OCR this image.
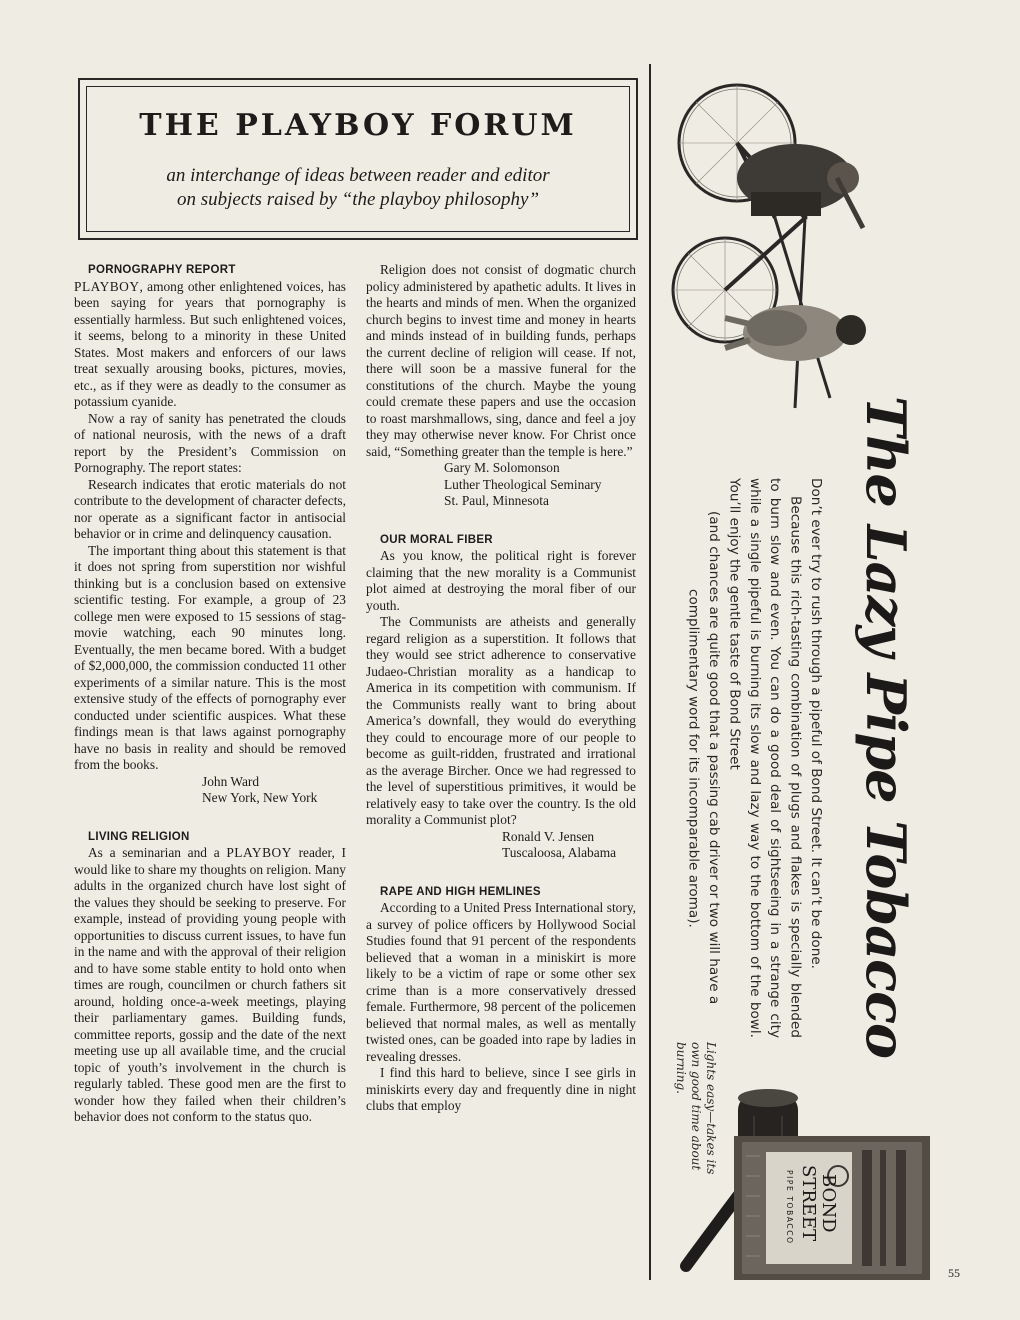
THE PLAYBOY FORUM
an interchange of ideas between reader and editor
on subjects raised by “the playboy philosophy”

PORNOGRAPHY REPORT

PLAYBOY, among other enlightened voices, has been saying for years that pornography is essentially harmless. But such enlightened voices, it seems, belong to a minority in these United States. Most makers and enforcers of our laws treat sexually arousing books, pictures, movies, etc., as if they were as deadly to the consumer as potassium cyanide.

Now a ray of sanity has penetrated the clouds of national neurosis, with the news of a draft report by the President’s Commission on Pornography. The report states:

Research indicates that erotic materials do not contribute to the development of character defects, nor operate as a significant factor in antisocial behavior or in crime and delinquency causation.

The important thing about this statement is that it does not spring from superstition nor wishful thinking but is a conclusion based on extensive scientific testing. For example, a group of 23 college men were exposed to 15 sessions of stag-movie watching, each 90 minutes long. Eventually, the men became bored. With a budget of $2,000,000, the commission conducted 11 other experiments of a similar nature. This is the most extensive study of the effects of pornography ever conducted under scientific auspices. What these findings mean is that laws against pornography have no basis in reality and should be removed from the books.

John Ward
New York, New York

LIVING RELIGION

As a seminarian and a PLAYBOY reader, I would like to share my thoughts on religion. Many adults in the organized church have lost sight of the values they should be seeking to preserve. For example, instead of providing young people with opportunities to discuss current issues, to have fun in the name and with the approval of their religion and to have some stable entity to hold onto when times are rough, councilmen or church fathers sit around, holding once-a-week meetings, playing their parliamentary games. Building funds, committee reports, gossip and the date of the next meeting use up all available time, and the crucial topic of youth’s involvement in the church is regularly tabled. These good men are the first to wonder how they failed when their children’s behavior does not conform to the status quo.

Religion does not consist of dogmatic church policy administered by apathetic adults. It lives in the hearts and minds of men. When the organized church begins to invest time and money in hearts and minds instead of in building funds, perhaps the current decline of religion will cease. If not, there will soon be a massive funeral for the constitutions of the church. Maybe the young could cremate these papers and use the occasion to roast marshmallows, sing, dance and feel a joy they may otherwise never know. For Christ once said, “Something greater than the temple is here.”

Gary M. Solomonson
Luther Theological Seminary
St. Paul, Minnesota

OUR MORAL FIBER

As you know, the political right is forever claiming that the new morality is a Communist plot aimed at destroying the moral fiber of our youth.

The Communists are atheists and generally regard religion as a superstition. It follows that they would see strict adherence to conservative Judaeo-Christian morality as a handicap to America in its competition with communism. If the Communists really want to bring about America’s downfall, they would do everything they could to encourage more of our people to become as guilt-ridden, frustrated and irrational as the average Bircher. Once we had regressed to the level of superstitious primitives, it would be relatively easy to take over the country. Is the old morality a Communist plot?

Ronald V. Jensen
Tuscaloosa, Alabama

RAPE AND HIGH HEMLINES

According to a United Press International story, a survey of police officers by Hollywood Social Studies found that 91 percent of the respondents believed that a woman in a miniskirt is more likely to be a victim of rape or some other sex crime than is a more conservatively dressed female. Furthermore, 98 percent of the policemen believed that normal males, as well as mentally twisted ones, can be goaded into rape by ladies in revealing dresses.

I find this hard to believe, since I see girls in miniskirts every day and frequently dine in night clubs that employ

The Lazy Pipe Tobacco

Don’t ever try to rush through a pipeful of Bond Street. It can’t be done.

Because this rich-tasting combination of plugs and flakes is specially blended to burn slow and even. You can do a good deal of sightseeing in a strange city while a single pipeful is burning its slow and lazy way to the bottom of the bowl. You’ll enjoy the gentle taste of Bond Street

(and chances are quite good that a passing cab driver or two will have a complimentary word for its incomparable aroma).

Lights easy—takes its own good time about burning.
BOND STREET
PIPE TOBACCO
55
